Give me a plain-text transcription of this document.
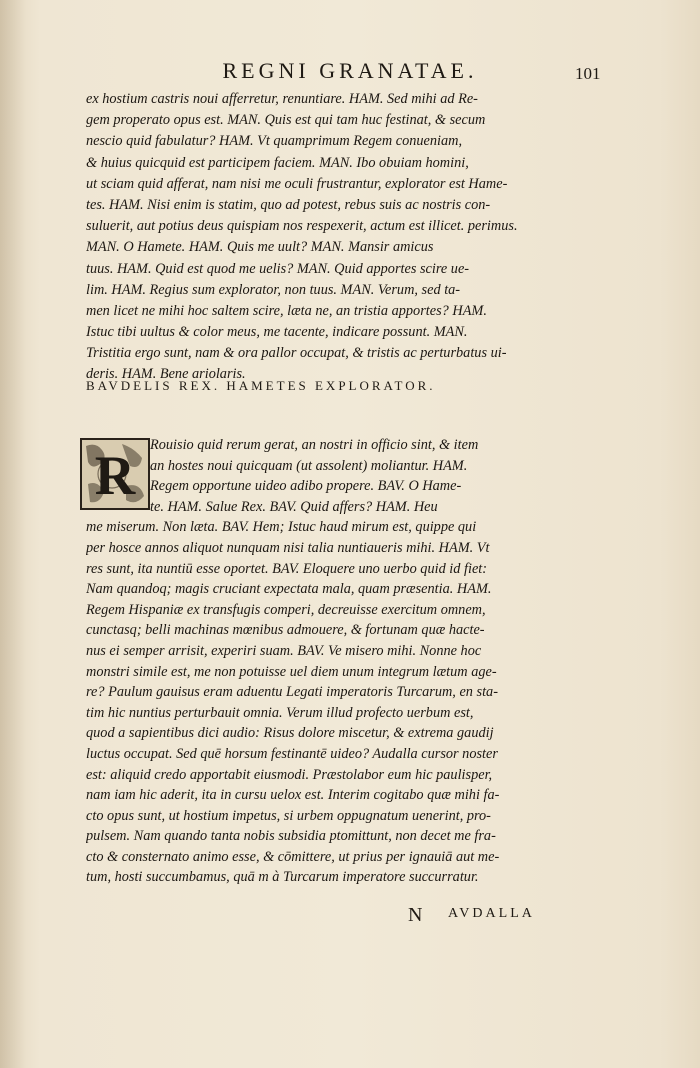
REGNI GRANATAE.	101
ex hostium castris noui afferretur, renuntiare. HAM. Sed mihi ad Re-
gem properato opus est. MAN. Quis est qui tam huc festinat, & secum
nescio quid fabulatur? HAM. Vt quamprimum Regem conueniam,
& huius quicquid est participem faciem. MAN. Ibo obuiam homini,
ut sciam quid afferat, nam nisi me oculi frustrantur, explorator est Hame-
tes. HAM. Nisi enim is statim, quo ad potest, rebus suis ac nostris con-
suluerit, aut potius deus quispiam nos respexerit, actum est illicet. perimus.
MAN. O Hamete. HAM. Quis me uult? MAN. Mansir amicus
tuus. HAM. Quid est quod me uelis? MAN. Quid apportes scire ue-
lim. HAM. Regius sum explorator, non tuus. MAN. Verum, sed ta-
men licet ne mihi hoc saltem scire, læta ne, an tristia apportes? HAM.
Istuc tibi uultus & color meus, me tacente, indicare possunt. MAN.
Tristitia ergo sunt, nam & ora pallor occupat, & tristis ac perturbatus ui-
deris. HAM. Bene ariolaris.
BAVDELIS REX. HAMETES EXPLORATOR.
R	Rouisio quid rerum gerat, an nostri in officio sint, & item
an hostes noui quicquam (ut assolent) moliantur. HAM.
Regem opportune uideo adibo propere. BAV. O Hame-
te. HAM. Salue Rex. BAV. Quid affers? HAM. Heu
me miserum. Non læta. BAV. Hem; Istuc haud mirum est, quippe qui
per hosce annos aliquot nunquam nisi talia nuntiaueris mihi. HAM. Vt
res sunt, ita nuntiū esse oportet. BAV. Eloquere uno uerbo quid id fiet:
Nam quandoq; magis cruciant expectata mala, quam præsentia. HAM.
Regem Hispaniæ ex transfugis comperi, decreuisse exercitum omnem,
cunctasq; belli machinas mœnibus admouere, & fortunam quæ hacte-
nus ei semper arrisit, experiri suam. BAV. Ve misero mihi. Nonne hoc
monstri simile est, me non potuisse uel diem unum integrum lætum age-
re? Paulum gauisus eram aduentu Legati imperatoris Turcarum, en sta-
tim hic nuntius perturbauit omnia. Verum illud profecto uerbum est,
quod a sapientibus dici audio: Risus dolore miscetur, & extrema gaudij
luctus occupat. Sed quē horsum festinantē uideo? Audalla cursor noster
est: aliquid credo apportabit eiusmodi. Præstolabor eum hic paulisper,
nam iam hic aderit, ita in cursu uelox est. Interim cogitabo quæ mihi fa-
cto opus sunt, ut hostium impetus, si urbem oppugnatum uenerint, pro-
pulsem. Nam quando tanta nobis subsidia ptomittunt, non decet me fra-
cto & consternato animo esse, & cōmittere, ut prius per ignauiā aut me-
tum, hosti succumbamus, quā m à Turcarum imperatore succurratur.
N AVDALLA
